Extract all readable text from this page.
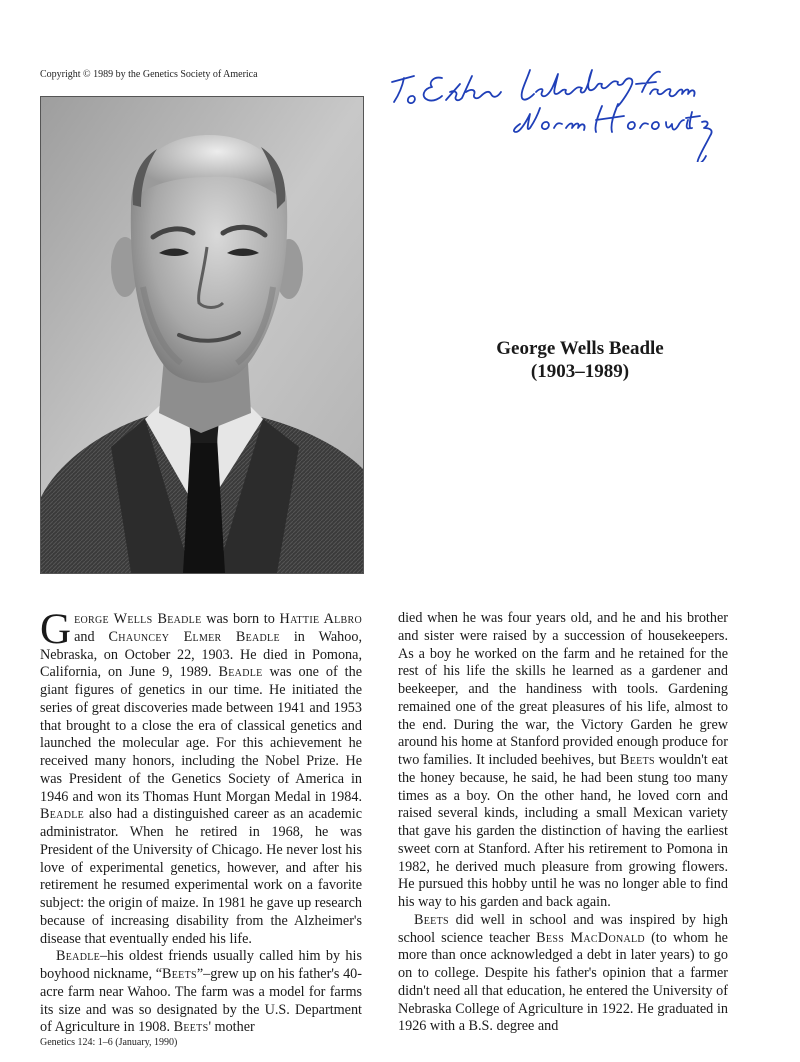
Copyright © 1989 by the Genetics Society of America
George Wells Beadle
(1903–1989)

George Wells Beadle was born to Hattie Albro and Chauncey Elmer Beadle in Wahoo, Nebraska, on October 22, 1903. He died in Pomona, California, on June 9, 1989. Beadle was one of the giant figures of genetics in our time. He initiated the series of great discoveries made between 1941 and 1953 that brought to a close the era of classical genetics and launched the molecular age. For this achievement he received many honors, including the Nobel Prize. He was President of the Genetics Society of America in 1946 and won its Thomas Hunt Morgan Medal in 1984. Beadle also had a distinguished career as an academic administrator. When he retired in 1968, he was President of the University of Chicago. He never lost his love of experimental genetics, however, and after his retirement he resumed experimental work on a favorite subject: the origin of maize. In 1981 he gave up research because of increasing disability from the Alzheimer's disease that eventually ended his life.

Beadle–his oldest friends usually called him by his boyhood nickname, “Beets”–grew up on his father's 40-acre farm near Wahoo. The farm was a model for farms its size and was so designated by the U.S. Department of Agriculture in 1908. Beets' mother

died when he was four years old, and he and his brother and sister were raised by a succession of housekeepers. As a boy he worked on the farm and he retained for the rest of his life the skills he learned as a gardener and beekeeper, and the handiness with tools. Gardening remained one of the great pleasures of his life, almost to the end. During the war, the Victory Garden he grew around his home at Stanford provided enough produce for two families. It included beehives, but Beets wouldn't eat the honey because, he said, he had been stung too many times as a boy. On the other hand, he loved corn and raised several kinds, including a small Mexican variety that gave his garden the distinction of having the earliest sweet corn at Stanford. After his retirement to Pomona in 1982, he derived much pleasure from growing flowers. He pursued this hobby until he was no longer able to find his way to his garden and back again.

Beets did well in school and was inspired by high school science teacher Bess MacDonald (to whom he more than once acknowledged a debt in later years) to go on to college. Despite his father's opinion that a farmer didn't need all that education, he entered the University of Nebraska College of Agriculture in 1922. He graduated in 1926 with a B.S. degree and

Genetics 124: 1–6 (January, 1990)
